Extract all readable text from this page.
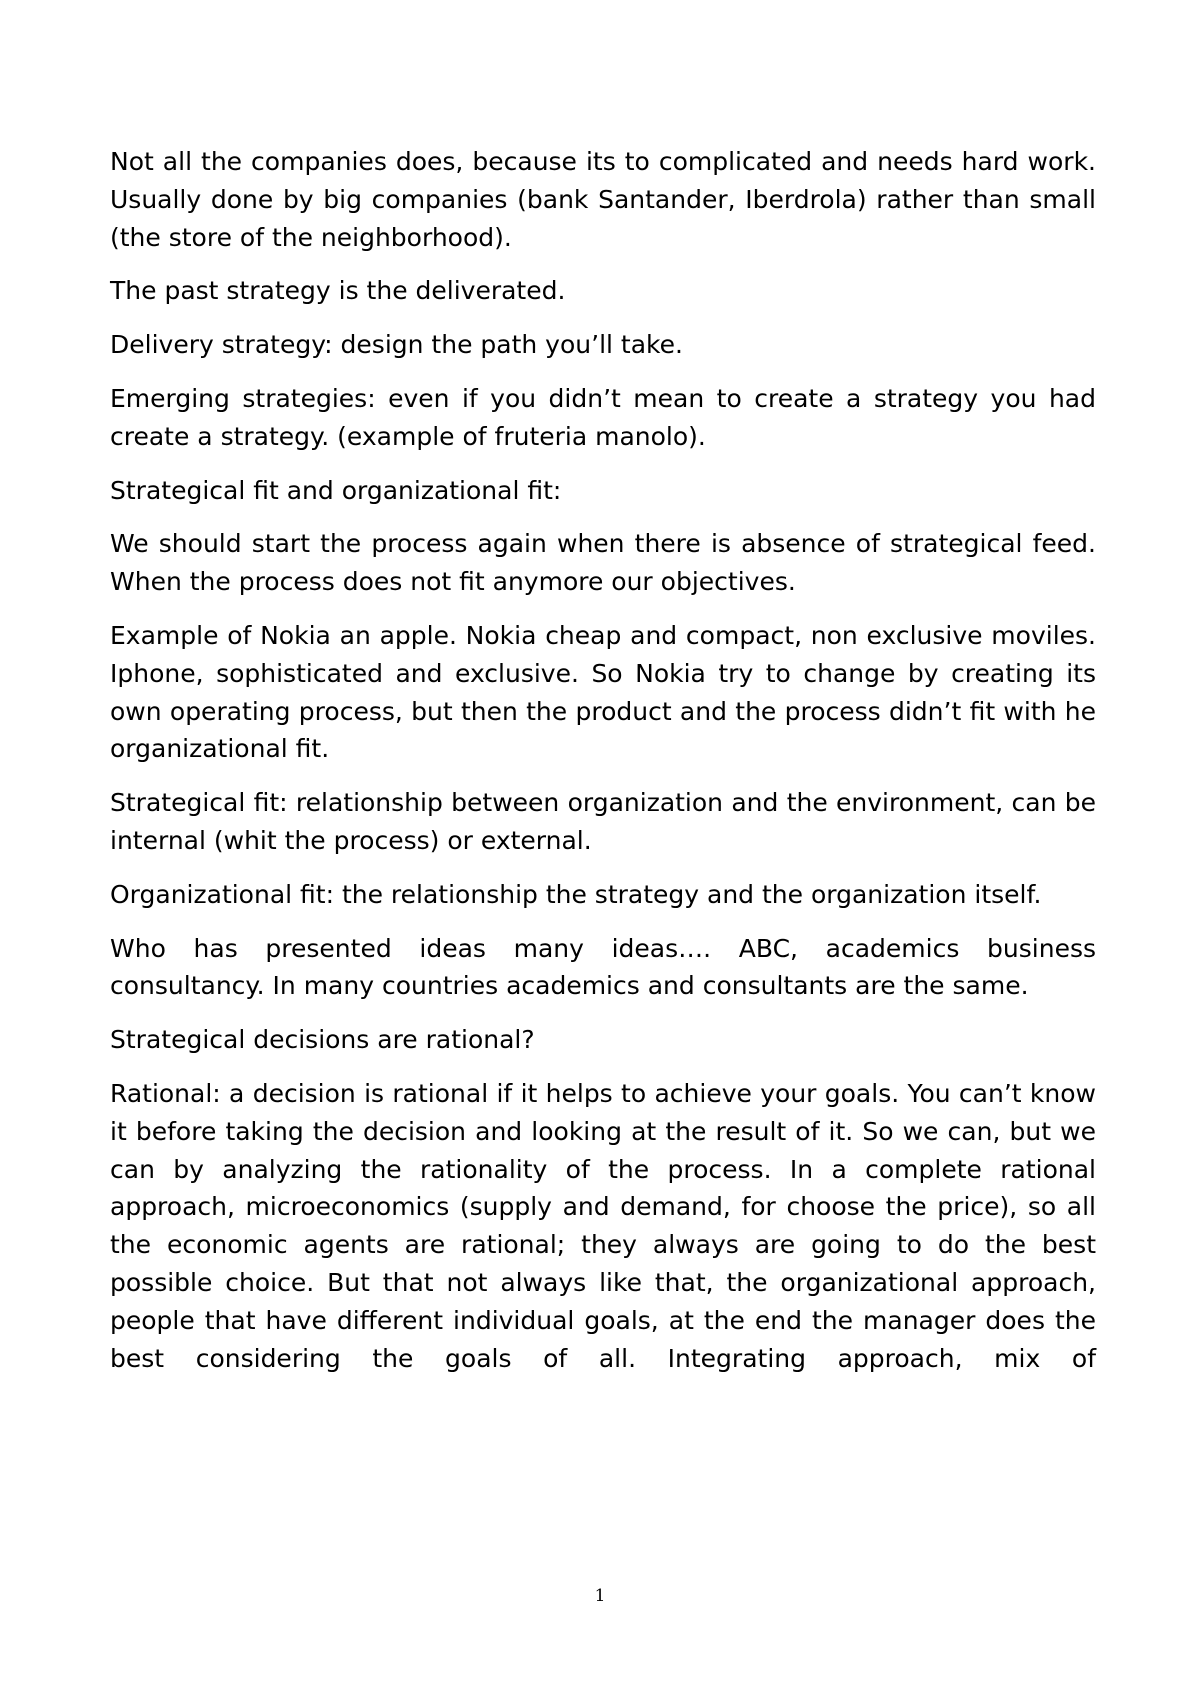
Not all the companies does, because its to complicated and needs hard work. Usually done by big companies (bank Santander, Iberdrola) rather than small (the store of the neighborhood).

The past strategy is the deliverated.

Delivery strategy: design the path you’ll take.

Emerging strategies: even if you didn’t mean to create a strategy you had create a strategy. (example of fruteria manolo).

Strategical fit and organizational fit:

We should start the process again when there is absence of strategical feed. When the process does not fit anymore our objectives.

Example of Nokia an apple. Nokia cheap and compact, non exclusive moviles. Iphone, sophisticated and exclusive. So Nokia try to change by creating its own operating process, but then the product and the process didn’t fit with he organizational fit.

Strategical fit: relationship between organization and the environment, can be internal (whit the process) or external.

Organizational fit: the relationship the strategy and the organization itself.

Who has presented ideas many ideas…. ABC, academics business consultancy. In many countries academics and consultants are the same.

Strategical decisions are rational?

Rational: a decision is rational if it helps to achieve your goals. You can’t know it before taking the decision and looking at the result of it. So we can, but we can by analyzing the rationality of the process. In a complete rational approach, microeconomics (supply and demand, for choose the price), so all the economic agents are rational; they always are going to do the best possible choice. But that not always like that, the organizational approach, people that have different individual goals, at the end the manager does the best considering the goals of all. Integrating approach, mix of

1
